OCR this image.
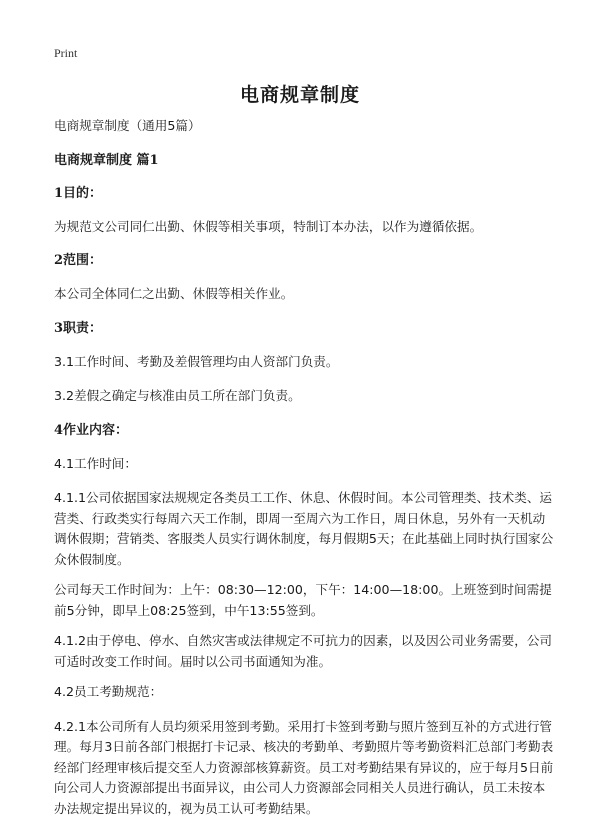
Print
电商规章制度

电商规章制度（通用5篇）

电商规章制度 篇1

1目的：

为规范文公司同仁出勤、休假等相关事项，特制订本办法，以作为遵循依据。

2范围：

本公司全体同仁之出勤、休假等相关作业。

3职责：

3.1工作时间、考勤及差假管理均由人资部门负责。

3.2差假之确定与核准由员工所在部门负责。

4作业内容：

4.1工作时间：

4.1.1公司依据国家法规规定各类员工工作、休息、休假时间。本公司管理类、技术类、运营类、行政类实行每周六天工作制，即周一至周六为工作日，周日休息，另外有一天机动调休假期；营销类、客服类人员实行调休制度，每月假期5天；在此基础上同时执行国家公众休假制度。

公司每天工作时间为：上午：08:30—12:00，下午：14:00—18:00。上班签到时间需提前5分钟，即早上08:25签到，中午13:55签到。

4.1.2由于停电、停水、自然灾害或法律规定不可抗力的因素，以及因公司业务需要，公司可适时改变工作时间。届时以公司书面通知为准。

4.2员工考勤规范：

4.2.1本公司所有人员均须采用签到考勤。采用打卡签到考勤与照片签到互补的方式进行管理。每月3日前各部门根据打卡记录、核决的考勤单、考勤照片等考勤资料汇总部门考勤表经部门经理审核后提交至人力资源部核算薪资。员工对考勤结果有异议的，应于每月5日前向公司人力资源部提出书面异议，由公司人力资源部会同相关人员进行确认，员工未按本办法规定提出异议的，视为员工认可考勤结果。
